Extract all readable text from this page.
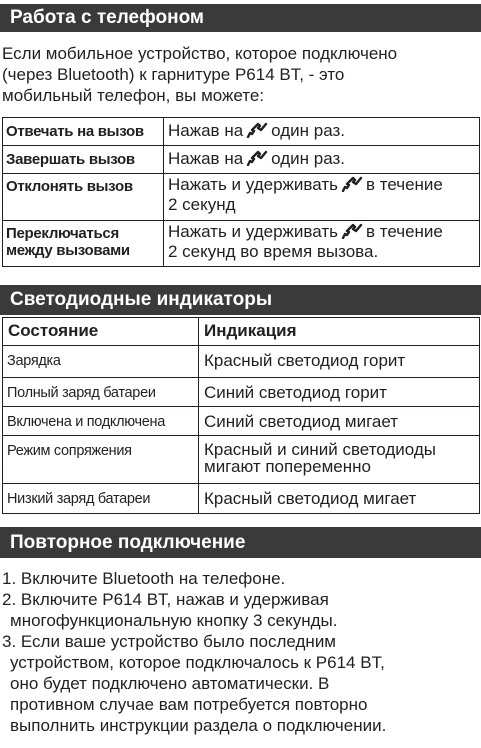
Работа с телефоном
Если мобильное устройство, которое подключено
(через Bluetooth) к гарнитуре P614 BT, - это
мобильный телефон, вы можете:
Отвечать на вызов	Нажав на один раз.

Завершать вызов	Нажав на один раз.

Отклонять вызов	Нажать и удерживать в течение
2 секунд

Переключаться
между вызовами	Нажать и удерживать в течение
2 секунд во время вызова.
Светодиодные индикаторы
Состояние	Индикация
Зарядка	Красный светодиод горит

Полный заряд батареи	Синий светодиод горит

Включена и подключена	Синий светодиод мигает

Режим сопряжения	Красный и синий светодиоды
мигают попеременно

Низкий заряд батареи	Красный светодиод мигает
Повторное подключение
1. Включите Bluetooth на телефоне.
2. Включите P614 BT, нажав и удерживая
многофункциональную кнопку 3 секунды.
3. Если ваше устройство было последним
устройством, которое подключалось к P614 BT,
оно будет подключено автоматически. В
противном случае вам потребуется повторно
выполнить инструкции раздела о подключении.
